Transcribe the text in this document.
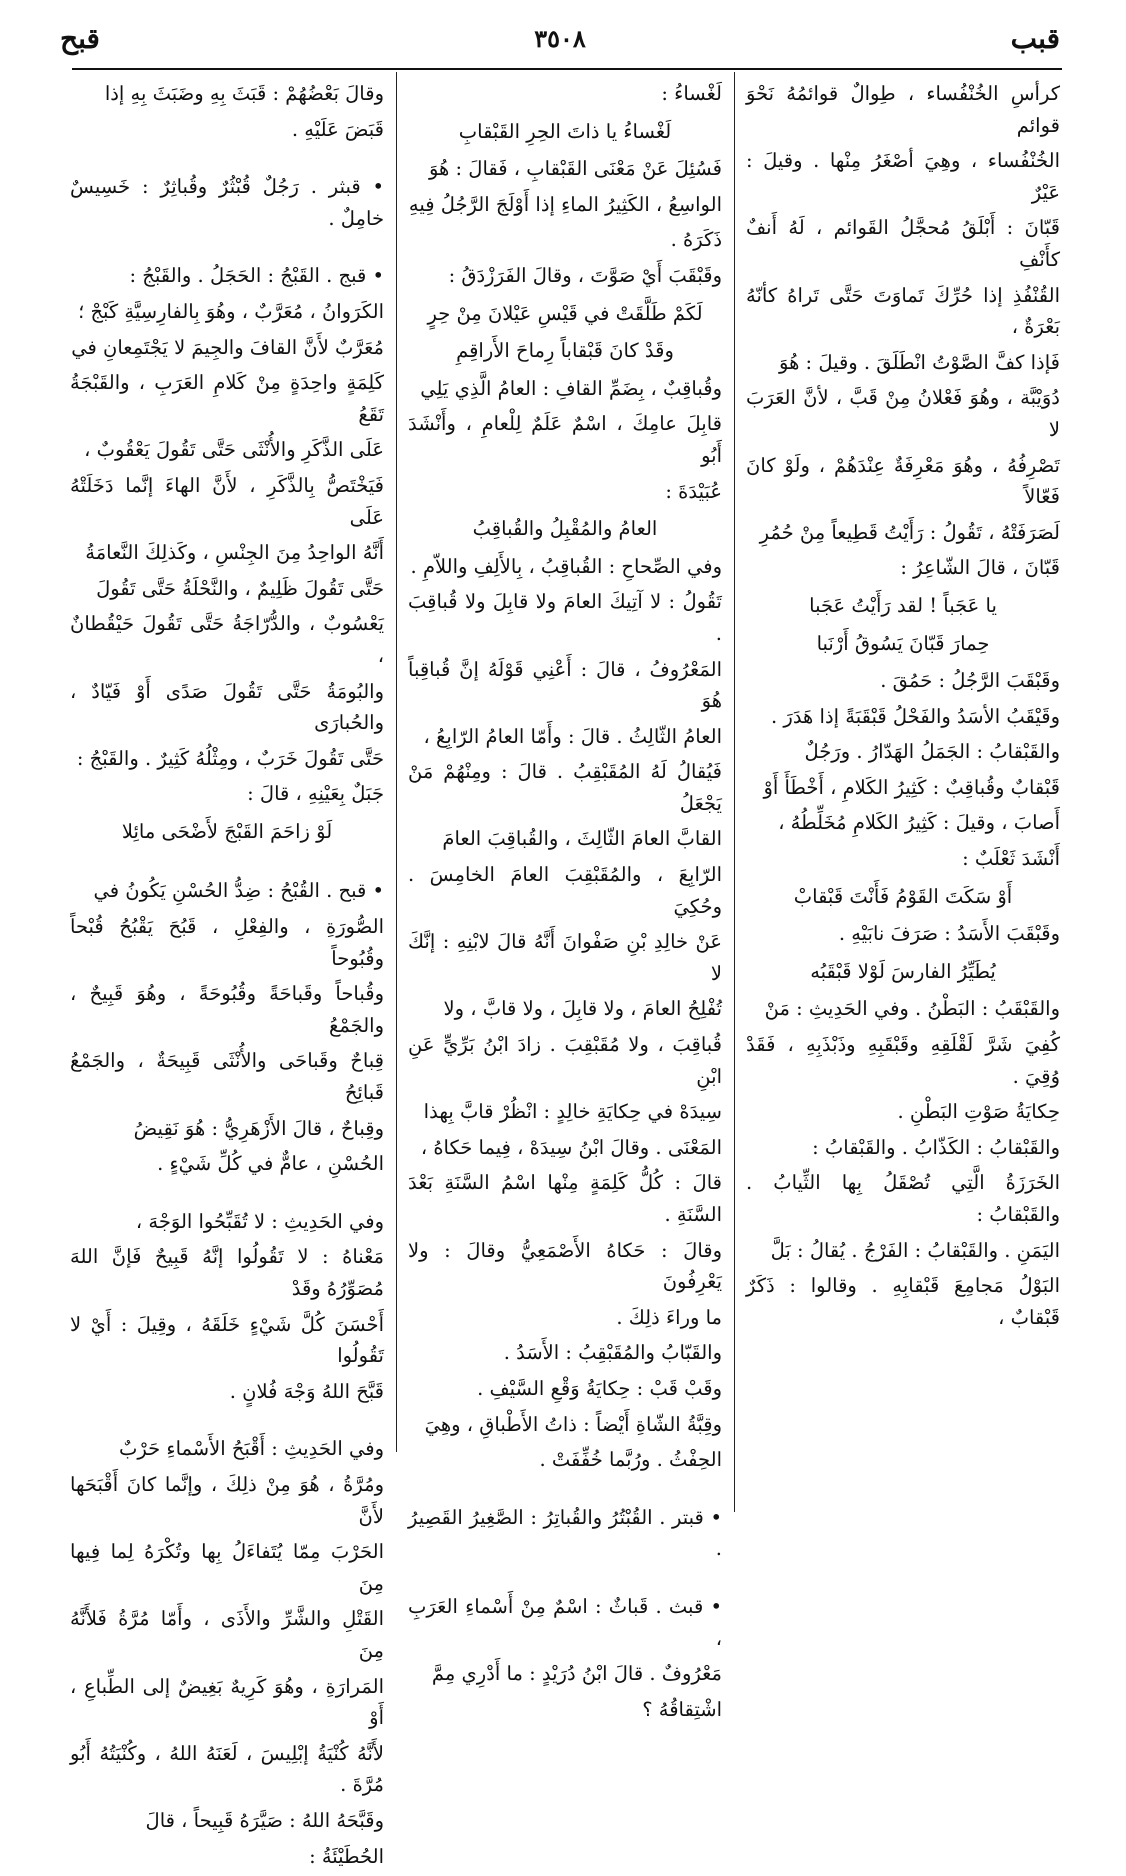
قبب
٣٥٠٨
قبح

كرأسِ الخُنْفُساء ، طِوالٌ قوائمُهُ نَحْوَ قوائم

الخُنْفُساء ، وهِيَ أصْغَرُ مِنْها . وقيلَ : عَيْرٌ

قَبّانَ : أَبْلَقُ مُحجَّلُ القَوائم ، لَهُ أَنفٌ كأَنْفِ

القُنْفُذِ إذا حُرِّكَ تَماوَتَ حَتَّى تَراهُ كأنّهُ بَعْرَةٌ ،

فَإذا كفَّ الصَّوْتُ انْطَلَقَ . وقيلَ : هُوَ

دُوَيْبَّة ، وهُوَ فَعْلانُ مِنْ قَبَّ ، لأنَّ العَرَبَ لا

تَصْرِفُهُ ، وهُوَ مَعْرِفَةٌ عِنْدَهُمْ ، ولَوْ كانَ فَعّالاً

لَصَرَفَتْهُ ، تَقُولُ : رَأَيْتُ قَطِيعاً مِنْ حُمُرِ

قَبّانَ ، قالَ الشّاعِرُ :

يا عَجَباً ! لقد رَأَيْتُ عَجَبا

حِمارَ قَبّانَ يَسُوقُ أَرْنَبا

وقَبْقَبَ الرَّجُلُ : حَمُقَ .

وقَيْقَبُ الأسَدُ والفَحْلُ قَبْقَبَةً إذا هَدَرَ .

والقَبْقابُ : الجَمَلُ الهَدّارُ . ورَجُلٌ

قَبْقابٌ وقُباقِبٌ : كَثِيرُ الكَلامِ ، أَخْطَأَ أَوْ

أَصابَ ، وقيلَ : كَثِيرُ الكَلامِ مُخَلِّطُهُ ،

أَنْشَدَ ثَعْلَبٌ :

أَوْ سَكَتَ القَوْمُ فَأَنْتَ قَبْقابْ

وقَبْقَبَ الأَسَدُ : صَرَفَ نابَيْهِ .

يُطَيِّرُ الفارسَ لَوْلا قَبْقَبُه

والقَبْقَبُ : البَطْنُ . وفي الحَدِيثِ : مَنْ

كُفِيَ شَرَّ لَقْلَقِهِ وقَبْقَبِهِ وذَبْذَبِهِ ، فَقَدْ وُقِيَ .

حِكايَةُ صَوْتِ البَطْنِ .

والقَبْقابُ : الكَذّابُ . والقَبْقابُ :

الخَرَزَةُ الَّتِي تُصْقَلُ بِها الثِّيابُ . والقَبْقابُ :

اليَمَنِ . والقَبْقابُ : الفَرْجُ . يُقالُ : بَلَّ

البَوْلُ مَجامِعَ قَبْقابِهِ . وقالوا : ذَكَرٌ قَبْقابٌ ،

لَغْساءُ :

لَغْساءُ يا ذاتَ الحِرِ القَبْقابِ

فَسُئِلَ عَنْ مَعْنَى القَبْقابِ ، فَقالَ : هُوَ

الواسِعُ ، الكَثِيرُ الماءِ إذا أَوْلَجَ الرَّجُلُ فِيهِ

ذَكَرَهُ .

وقَبْقَبَ أَيْ صَوَّتَ ، وقالَ الفَرَزْدَقُ :

لَكَمْ طَلَّقَتْ في قَيْسِ عَيْلانَ مِنْ حِرٍ

وقَدْ كانَ قَبْقاباً رِماحَ الأَراقِمِ

وقُباقِبٌ ، بِضَمِّ القافِ : العامُ الَّذِي يَلِي

قابِلَ عامِكَ ، اسْمٌ عَلَمٌ لِلْعامِ ، وأَنْشَدَ أَبُو

عُبَيْدَةَ :

العامُ والمُقْبِلُ والقُباقِبُ

وفي الصِّحاحِ : القُباقِبُ ، بِالأَلِفِ واللاّمِ .

تَقُولُ : لا آتِيكَ العامَ ولا قابِلَ ولا قُباقِبَ .

المَعْرُوفُ ، قالَ : أَعْنِي قَوْلَهُ إنَّ قُباقِباً هُوَ

العامُ الثّالِثُ . قالَ : وأَمّا العامُ الرّابِعُ ،

فَيُقالُ لَهُ المُقَبْقِبُ . قالَ : ومِنْهُمْ مَنْ يَجْعَلُ

القابَّ العامَ الثّالِثَ ، والقُباقِبَ العامَ

الرّابِعَ ، والمُقَبْقِبَ العامَ الخامِسَ . وحُكِيَ

عَنْ خالِدِ بْنِ صَفْوانَ أَنَّهُ قالَ لابْنِهِ : إنَّكَ لا

تُفْلِحُ العامَ ، ولا قابِلَ ، ولا قابَّ ، ولا

قُباقِبَ ، ولا مُقَبْقِبَ . زادَ ابْنُ بَرِّيٍّ عَنِ ابْنِ

سِيدَهْ في حِكايَةِ خالِدٍ : انْظُرْ قابَّ بِهذا

المَعْنَى . وقالَ ابْنُ سِيدَهْ ، فِيما حَكاهُ ،

قالَ : كُلُّ كَلِمَةٍ مِنْها اسْمُ السَّنَةِ بَعْدَ السَّنَةِ .

وقالَ : حَكاهُ الأَصْمَعِيُّ وقالَ : ولا يَعْرِفُونَ

ما وراءَ ذلِكَ .

والقَبّابُ والمُقَبْقِبُ : الأَسَدُ .

وقَبْ قَبْ : حِكايَةُ وَقْعِ السَّيْفِ .

وقِبَّةُ الشّاةِ أَيْضاً : ذاتُ الأَطْباقِ ، وهِيَ

الحِفْثُ . ورُبَّما خُفِّفَتْ .

• قبتر . القُبْتُرُ والقُباتِرُ : الصَّغِيرُ القَصِيرُ .

• قبث . قَباثٌ : اسْمٌ مِنْ أَسْماءِ العَرَبِ ،

مَعْرُوفٌ . قالَ ابْنُ دُرَيْدٍ : ما أَدْرِي مِمَّ

اشْتِقاقُهُ ؟

وقالَ بَعْضُهُمْ : قَبَثَ بِهِ وضَبَثَ بِهِ إذا

قَبَضَ عَلَيْهِ .

• قبثر . رَجُلٌ قُبْثُرٌ وقُباثِرٌ : خَسِيسٌ خامِلٌ .

• قبج . القَبْجُ : الحَجَلُ . والقَبْجُ :

الكَرَوانُ ، مُعَرَّبٌ ، وهُوَ بِالفارِسِيَّةِ كَبْجْ ؛

مُعَرَّبٌ لأَنَّ القافَ والجِيمَ لا يَجْتَمِعانِ في

كَلِمَةٍ واحِدَةٍ مِنْ كَلامِ العَرَبِ ، والقَبْجَةُ تَقَعُ

عَلَى الذَّكَرِ والأُنْثَى حَتَّى تَقُولَ يَعْقُوبٌ ،

فَيَخْتَصُّ بِالذَّكَرِ ، لأَنَّ الهاءَ إنَّما دَخَلَتْهُ عَلَى

أَنَّهُ الواحِدُ مِنَ الجِنْسِ ، وكَذلِكَ النَّعامَةُ

حَتَّى تَقُولَ ظَلِيمٌ ، والنَّحْلَةُ حَتَّى تَقُولَ

يَعْسُوبٌ ، والدُّرّاجَةُ حَتَّى تَقُولَ حَيْقُطانٌ ،

والبُومَةُ حَتَّى تَقُولَ صَدًى أَوْ فَيّادٌ ، والحُبارَى

حَتَّى تَقُولَ خَرَبٌ ، ومِثْلُهُ كَثِيرٌ . والقَبْجُ :

جَبَلٌ بِعَيْنِهِ ، قالَ :

لَوْ زاحَمَ القَبْجَ لأَضْحَى مائِلا

• قبح . القُبْحُ : ضِدُّ الحُسْنِ يَكُونُ في

الصُّورَةِ ، والفِعْلِ ، قَبُحَ يَقْبُحُ قُبْحاً وقُبُوحاً

وقُباحاً وقَباحَةً وقُبُوحَةً ، وهُوَ قَبِيحٌ ، والجَمْعُ

قِباحٌ وقَباحَى والأُنْثَى قَبِيحَةٌ ، والجَمْعُ قَبائِحُ

وقِباحٌ ، قالَ الأَزْهَرِيُّ : هُوَ نَقِيضُ

الحُسْنِ ، عامٌّ في كُلِّ شَيْءٍ .

وفي الحَدِيثِ : لا تُقَبِّحُوا الوَجْهَ ،

مَعْناهُ : لا تَقُولُوا إنَّهُ قَبِيحٌ فَإنَّ اللهَ مُصَوِّرُهُ وقَدْ

أَحْسَنَ كُلَّ شَيْءٍ خَلَقَهُ ، وقِيلَ : أَيْ لا تَقُولُوا

قَبَّحَ اللهُ وَجْهَ فُلانٍ .

وفي الحَدِيثِ : أَقْبَحُ الأَسْماءِ حَرْبٌ

ومُرَّةُ ، هُوَ مِنْ ذلِكَ ، وإنَّما كانَ أَقْبَحَها لأَنَّ

الحَرْبَ مِمّا يُتَفاءَلُ بِها وتُكْرَهُ لِما فِيها مِنَ

القَتْلِ والشَّرِّ والأَذَى ، وأَمّا مُرَّةُ فَلأَنَّهُ مِنَ

المَرارَةِ ، وهُوَ كَرِيهٌ بَغِيضٌ إلى الطِّباعِ ، أَوْ

لأَنَّهُ كُنْيَةُ إبْلِيسَ ، لَعَنَهُ اللهُ ، وكُنْيَتُهُ أَبُو مُرَّةَ .

وقَبَّحَهُ اللهُ : صَيَّرَهُ قَبِيحاً ، قالَ

الحُطَيْئَةُ :
